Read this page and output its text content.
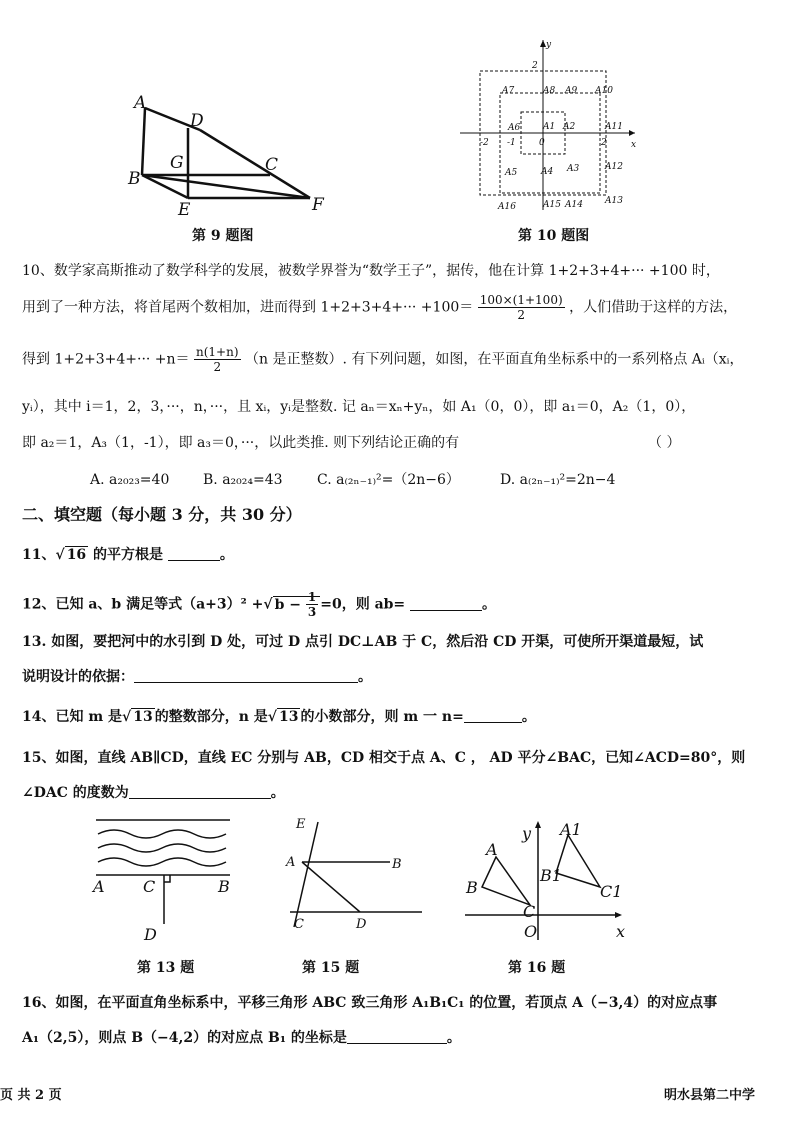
A
D
G	C
B
E	F
第 9 题图
y
x
0
2
2
-2 -1
A7	A8 A9 A10
A6	A1 A2	A11
A5	A4 A3	A12
A16	A15 A14 A13
第 10 题图
10、数学家高斯推动了数学科学的发展，被数学界誉为“数学王子”，据传，他在计算 1+2+3+4+··· +100 时，
用到了一种方法，将首尾两个数相加，进而得到 $1+2+3+4+\cdot\cdot\cdot +100= \frac{100\times(1+100)}{2}$ ，人们借助于这样的方法，
得到 $1+2+3+4+\cdot\cdot\cdot +n= \frac{n(1+n)}{2} (n$ 是正整数）. 有下列问题，如图，在平面直角坐标系中的一系列格点 Aᵢ（xᵢ，
yᵢ），其中 i＝1，2，3，···，n，···，且 xᵢ，yᵢ是整数. 记 aₙ＝xₙ+yₙ，如 A₁（0，0），即 a₁＝0，A₂（1，0），
即 a₂＝1，A₃（1，-1），即 a₃＝0，···，以此类推. 则下列结论正确的有	（ ）
A. a₂₀₂₃=40 B. a₂₀₂₄=43 C. a₍₂ₙ₋₁₎²=（2n−6）	D. a₍₂ₙ₋₁₎²=2n−4
二、填空题（每小题 3 分，共 30 分）
11、√ 16 的平方根是	。
12、已知 a、b 满足等式（a+3）² +√ $b - \frac{1}{3} =0$，则 ab=	。
13. 如图，要把河中的水引到 D 处，可过 D 点引 DC⊥AB 于 C，然后沿 CD 开渠，可使所开渠道最短，试
说明设计的依据：	。
14、已知 m 是√ 13 的整数部分，n 是√ 13 的小数部分，则 m 一 n=	。
15、如图，直线 AB∥CD，直线 EC 分别与 AB，CD 相交于点 A、C ， AD 平分∠BAC，已知∠ACD=80°，则
∠DAC 的度数为	。
A C	B
D
第 13 题
E
A	B
C	D
第 15 题
y
A
B
C
A1
B1
C1
O	x
第 16 题
16、如图，在平面直角坐标系中，平移三角形 ABC 致三角形 A₁B₁C₁ 的位置，若顶点 A（−3,4）的对应点事
A₁（2,5），则点 B（−4,2）的对应点 B₁ 的坐标是	。
页 共 2 页	明水县第二中学
